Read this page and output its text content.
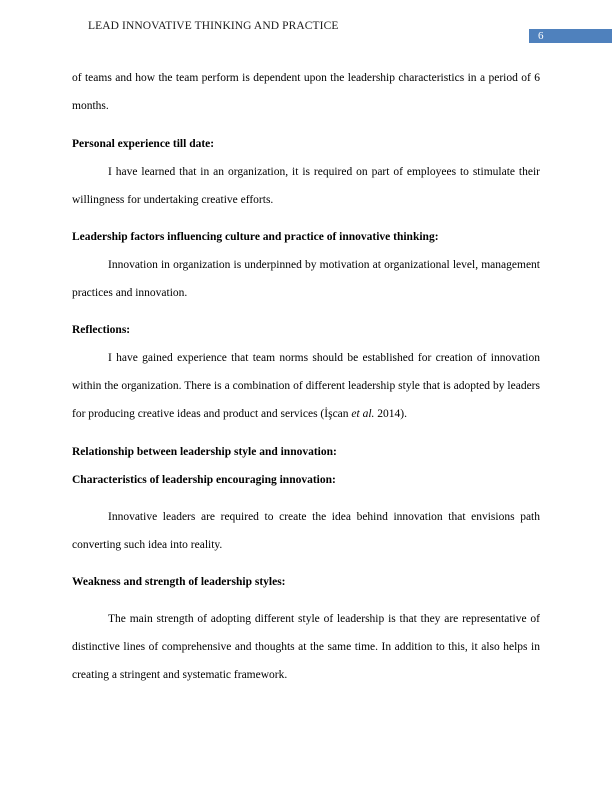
LEAD INNOVATIVE THINKING AND PRACTICE
6

of teams and how the team perform is dependent upon the leadership characteristics in a period of 6 months.

Personal experience till date:

I have learned that in an organization, it is required on part of employees to stimulate their willingness for undertaking creative efforts.

Leadership factors influencing culture and practice of innovative thinking:

Innovation in organization is underpinned by motivation at organizational level, management practices and innovation.

Reflections:

I have gained experience that team norms should be established for creation of innovation within the organization. There is a combination of different leadership style that is adopted by leaders for producing creative ideas and product and services (İşcan et al. 2014).

Relationship between leadership style and innovation:
Characteristics of leadership encouraging innovation:

Innovative leaders are required to create the idea behind innovation that envisions path converting such idea into reality.

Weakness and strength of leadership styles:

The main strength of adopting different style of leadership is that they are representative of distinctive lines of comprehensive and thoughts at the same time. In addition to this, it also helps in creating a stringent and systematic framework.
